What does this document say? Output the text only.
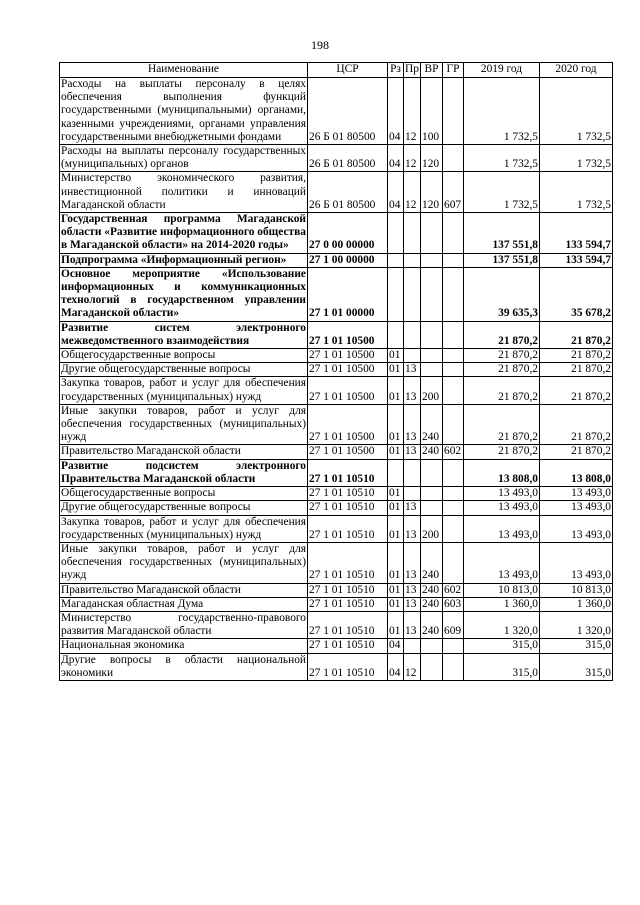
198
Наименование	ЦСР	Рз	Пр	ВР	ГР	2019 год	2020 год
Расходы на выплаты персоналу в целях обеспечения выполнения функций государственными (муниципальными) органами, казенными учреждениями, органами управления государственными внебюджетными фондами	26 Б 01 80500	04	12	100		1 732,5	1 732,5
Расходы на выплаты персоналу государственных (муниципальных) органов	26 Б 01 80500	04	12	120		1 732,5	1 732,5
Министерство экономического развития, инвестиционной политики и инноваций Магаданской области	26 Б 01 80500	04	12	120	607	1 732,5	1 732,5
Государственная программа Магаданской области «Развитие информационного общества в Магаданской области» на 2014-2020 годы»	27 0 00 00000					137 551,8	133 594,7
Подпрограмма «Информационный регион»	27 1 00 00000					137 551,8	133 594,7
Основное мероприятие «Использование информационных и коммуникационных технологий в государственном управлении Магаданской области»	27 1 01 00000					39 635,3	35 678,2
Развитие систем электронного межведомственного взаимодействия	27 1 01 10500					21 870,2	21 870,2
Общегосударственные вопросы	27 1 01 10500	01				21 870,2	21 870,2
Другие общегосударственные вопросы	27 1 01 10500	01	13			21 870,2	21 870,2
Закупка товаров, работ и услуг для обеспечения государственных (муниципальных) нужд	27 1 01 10500	01	13	200		21 870,2	21 870,2
Иные закупки товаров, работ и услуг для обеспечения государственных (муниципальных) нужд	27 1 01 10500	01	13	240		21 870,2	21 870,2
Правительство Магаданской области	27 1 01 10500	01	13	240	602	21 870,2	21 870,2
Развитие подсистем электронного Правительства Магаданской области	27 1 01 10510					13 808,0	13 808,0
Общегосударственные вопросы	27 1 01 10510	01				13 493,0	13 493,0
Другие общегосударственные вопросы	27 1 01 10510	01	13			13 493,0	13 493,0
Закупка товаров, работ и услуг для обеспечения государственных (муниципальных) нужд	27 1 01 10510	01	13	200		13 493,0	13 493,0
Иные закупки товаров, работ и услуг для обеспечения государственных (муниципальных) нужд	27 1 01 10510	01	13	240		13 493,0	13 493,0
Правительство Магаданской области	27 1 01 10510	01	13	240	602	10 813,0	10 813,0
Магаданская областная Дума	27 1 01 10510	01	13	240	603	1 360,0	1 360,0
Министерство государственно-правового развития Магаданской области	27 1 01 10510	01	13	240	609	1 320,0	1 320,0
Национальная экономика	27 1 01 10510	04				315,0	315,0
Другие вопросы в области национальной экономики	27 1 01 10510	04	12			315,0	315,0
